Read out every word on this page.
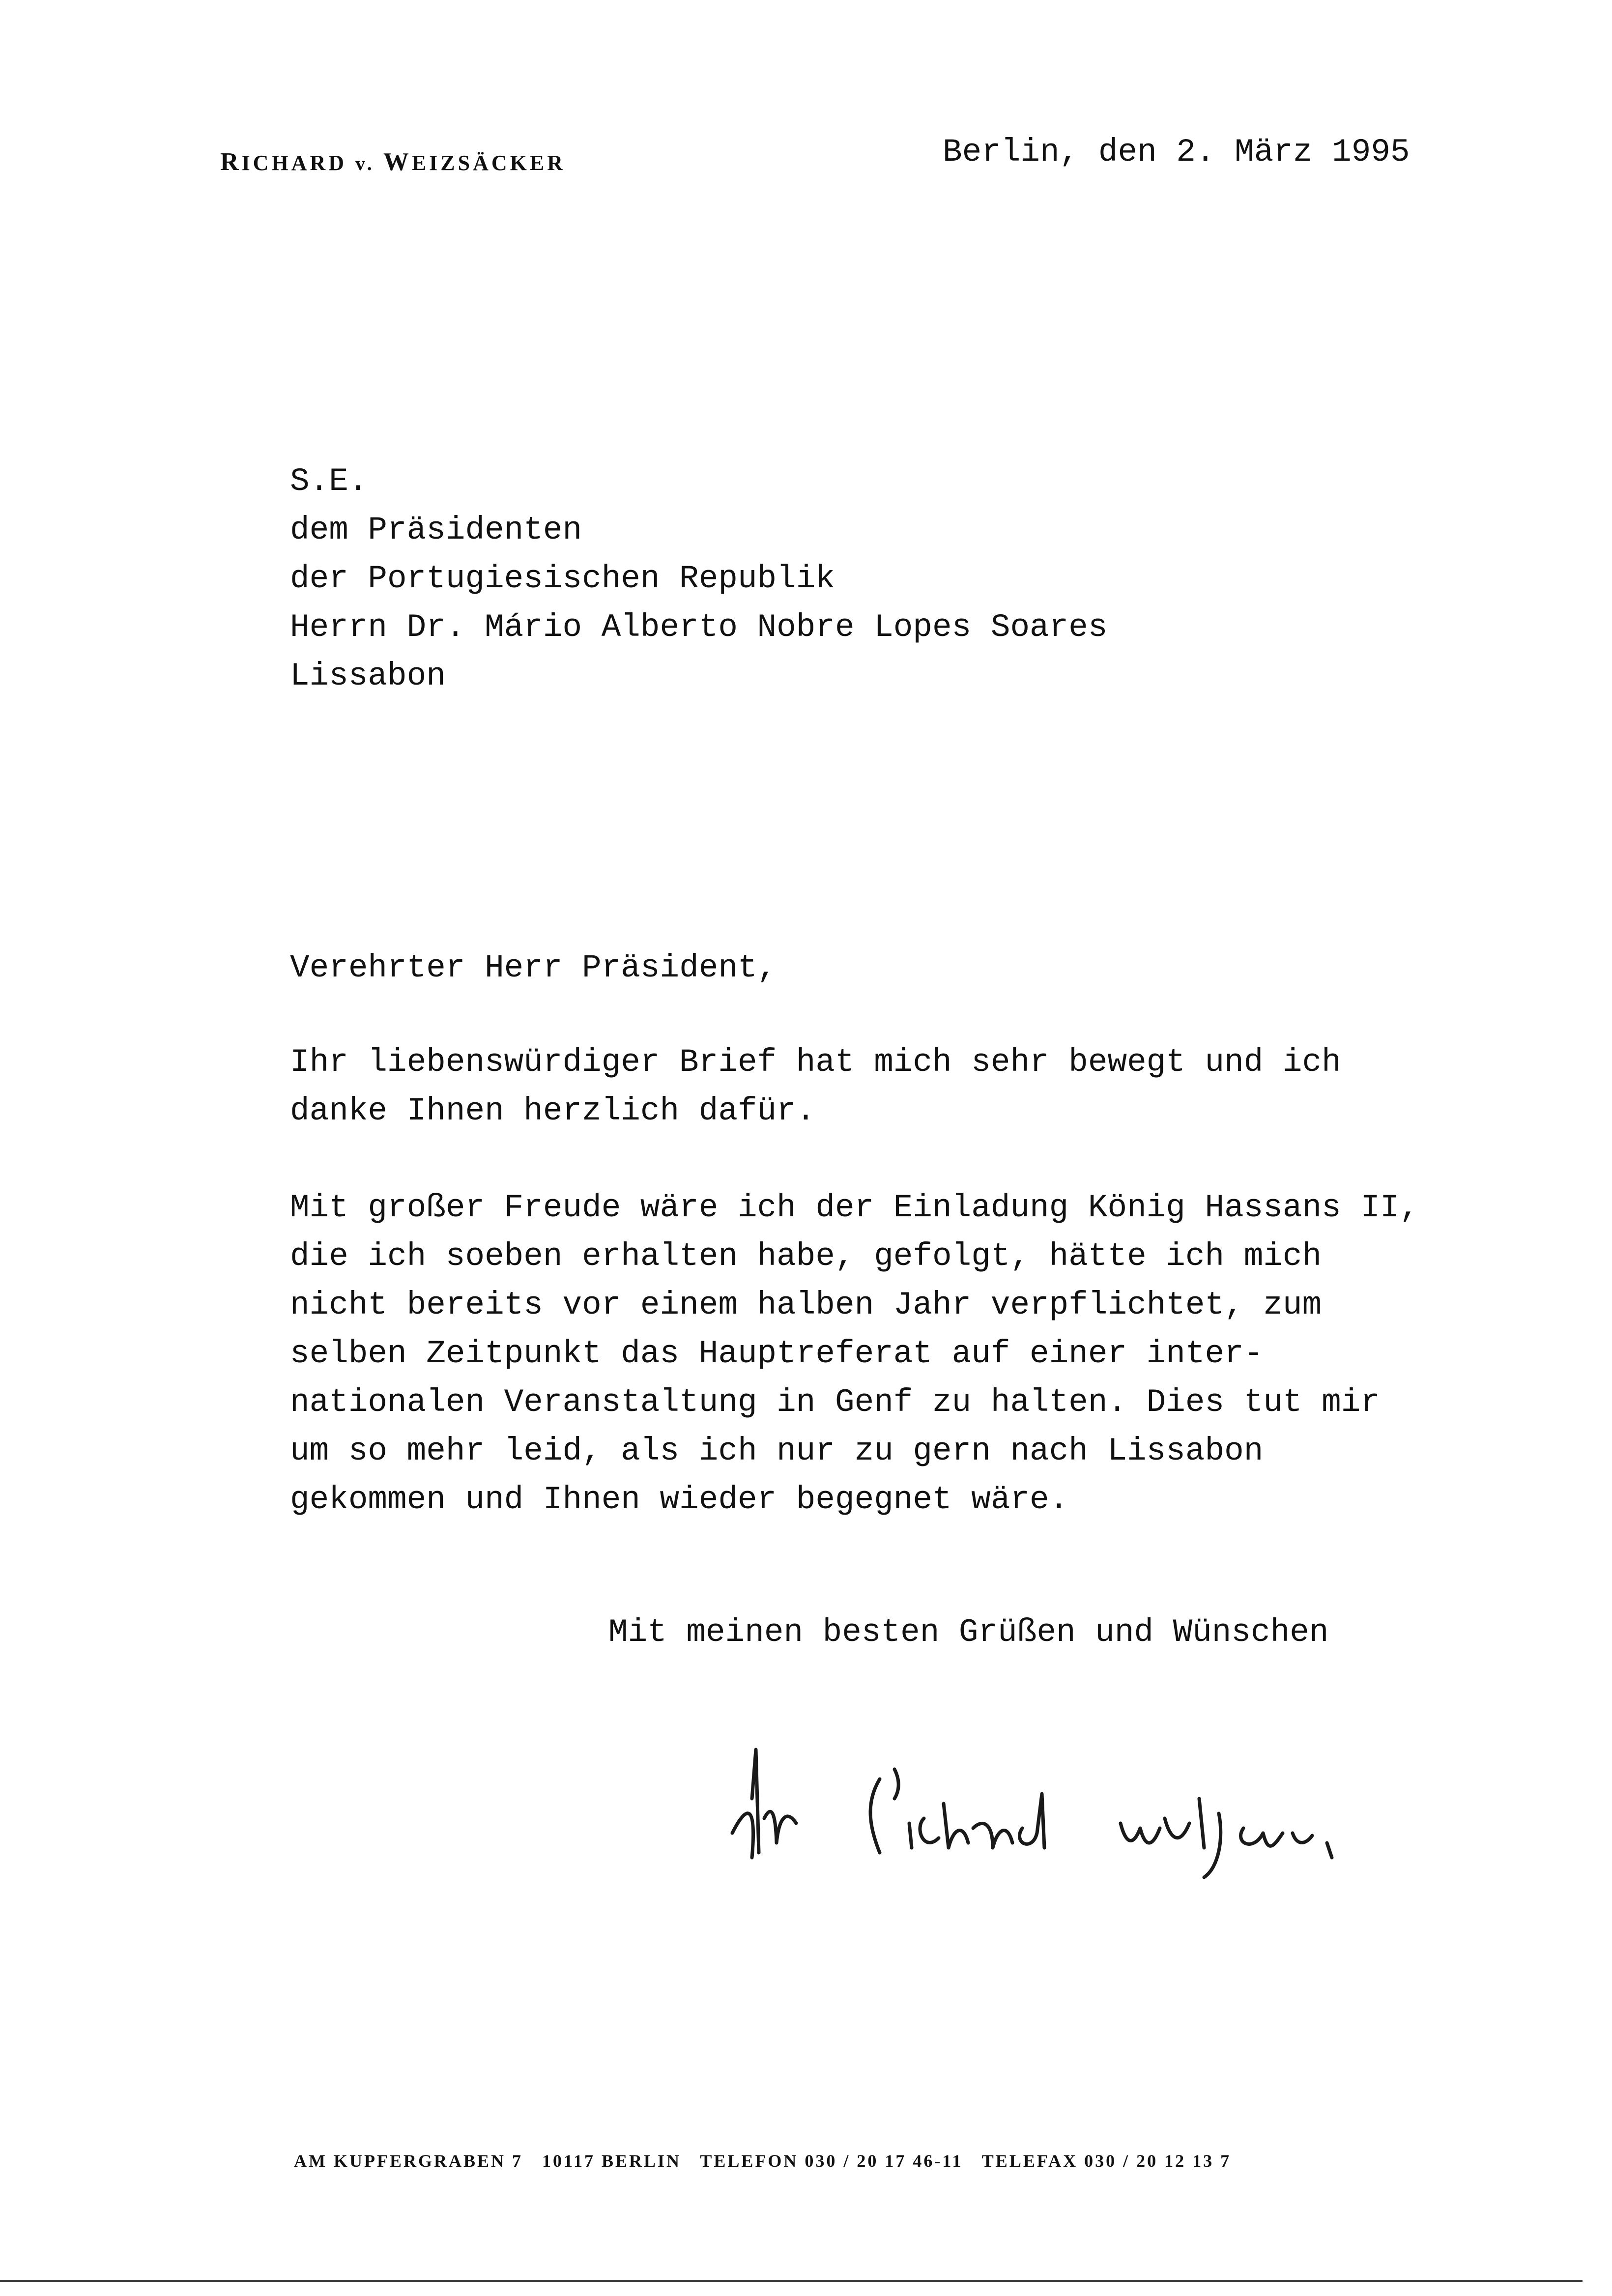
RICHARD v. WEIZSÄCKER	Berlin, den 2. März 1995
S.E.
dem Präsidenten
der Portugiesischen Republik
Herrn Dr. Mário Alberto Nobre Lopes Soares
Lissabon
Verehrter Herr Präsident,
Ihr liebenswürdiger Brief hat mich sehr bewegt und ich
danke Ihnen herzlich dafür.
Mit großer Freude wäre ich der Einladung König Hassans II,
die ich soeben erhalten habe, gefolgt, hätte ich mich
nicht bereits vor einem halben Jahr verpflichtet, zum
selben Zeitpunkt das Hauptreferat auf einer inter-
nationalen Veranstaltung in Genf zu halten. Dies tut mir
um so mehr leid, als ich nur zu gern nach Lissabon
gekommen und Ihnen wieder begegnet wäre.
Mit meinen besten Grüßen und Wünschen
AM KUPFERGRABEN 7   10117 BERLIN   TELEFON 030 / 20 17 46-11   TELEFAX 030 / 20 12 13 7
